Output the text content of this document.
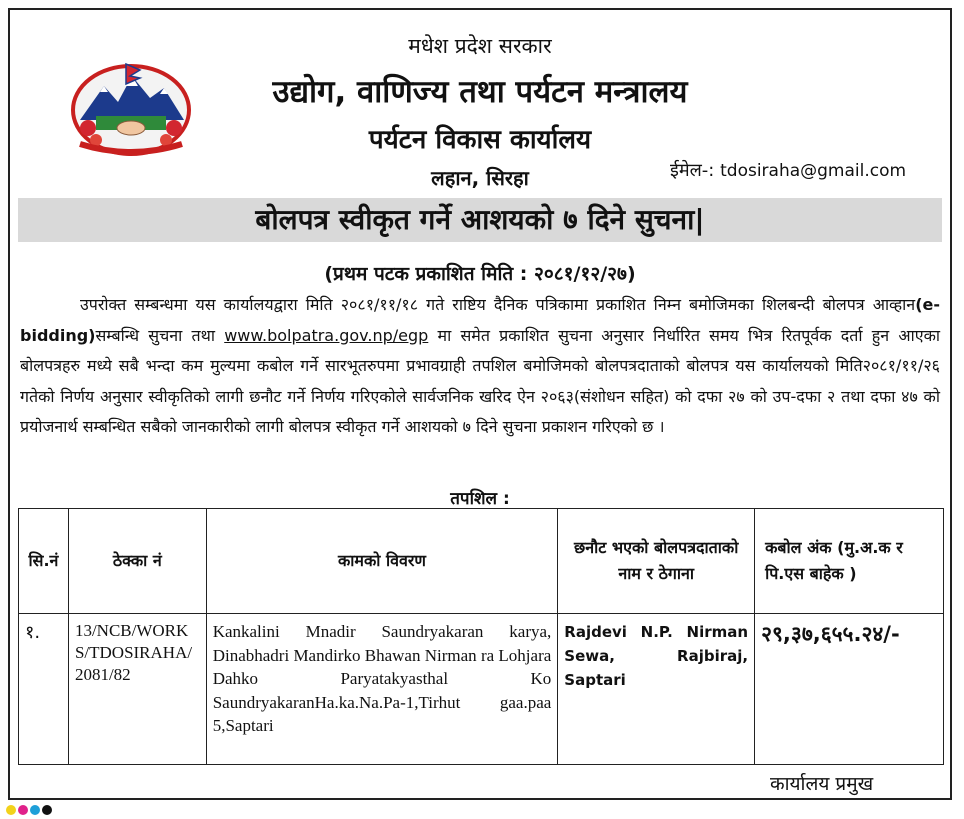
मधेश प्रदेश सरकार
उद्योग, वाणिज्य तथा पर्यटन मन्त्रालय
पर्यटन विकास कार्यालय
लहान, सिरहा	ईमेल-: tdosiraha@gmail.com
बोलपत्र स्वीकृत गर्ने आशयको ७ दिने सुचना|
(प्रथम पटक प्रकाशित मिति : २०८१/१२/२७)
उपरोक्त सम्बन्धमा यस कार्यालयद्वारा मिति २०८१/११/१८ गते राष्टिय दैनिक पत्रिकामा प्रकाशित निम्न बमोजिमका शिलबन्दी बोलपत्र आव्हान(e-bidding)सम्बन्धि सुचना तथा www.bolpatra.gov.np/egp मा समेत प्रकाशित सुचना अनुसार निर्धारित समय भित्र रितपूर्वक दर्ता हुन आएका बोलपत्रहरु मध्ये सबै भन्दा कम मुल्यमा कबोल गर्ने सारभूतरुपमा प्रभावग्राही तपशिल बमोजिमको बोलपत्रदाताको बोलपत्र यस कार्यालयको मिति२०८१/११/२६ गतेको निर्णय अनुसार स्वीकृतिको लागी छनौट गर्ने निर्णय गरिएकोले सार्वजनिक खरिद ऐन २०६३(संशोधन सहित) को दफा २७ को उप-दफा २ तथा दफा ४७ को प्रयोजनार्थ सम्बन्धित सबैको जानकारीको लागी बोलपत्र स्वीकृत गर्ने आशयको ७ दिने सुचना प्रकाशन गरिएको छ ।
तपशिल :
सि.नं	ठेक्का नं	कामको विवरण	छनौट भएको बोलपत्रदाताको नाम र ठेगाना	कबोल अंक (मु.अ.क र पि.एस बाहेक )
१.	13/NCB/WORKS/TDOSIRAHA/2081/82	Kankalini Mnadir Saundryakaran karya, Dinabhadri Mandirko Bhawan Nirman ra Lohjara Dahko Paryatakyasthal Ko SaundryakaranHa.ka.Na.Pa-1,Tirhut gaa.paa 5,Saptari	Rajdevi N.P. Nirman Sewa, Rajbiraj, Saptari	२९,३७,६५५.२४/-
कार्यालय प्रमुख
